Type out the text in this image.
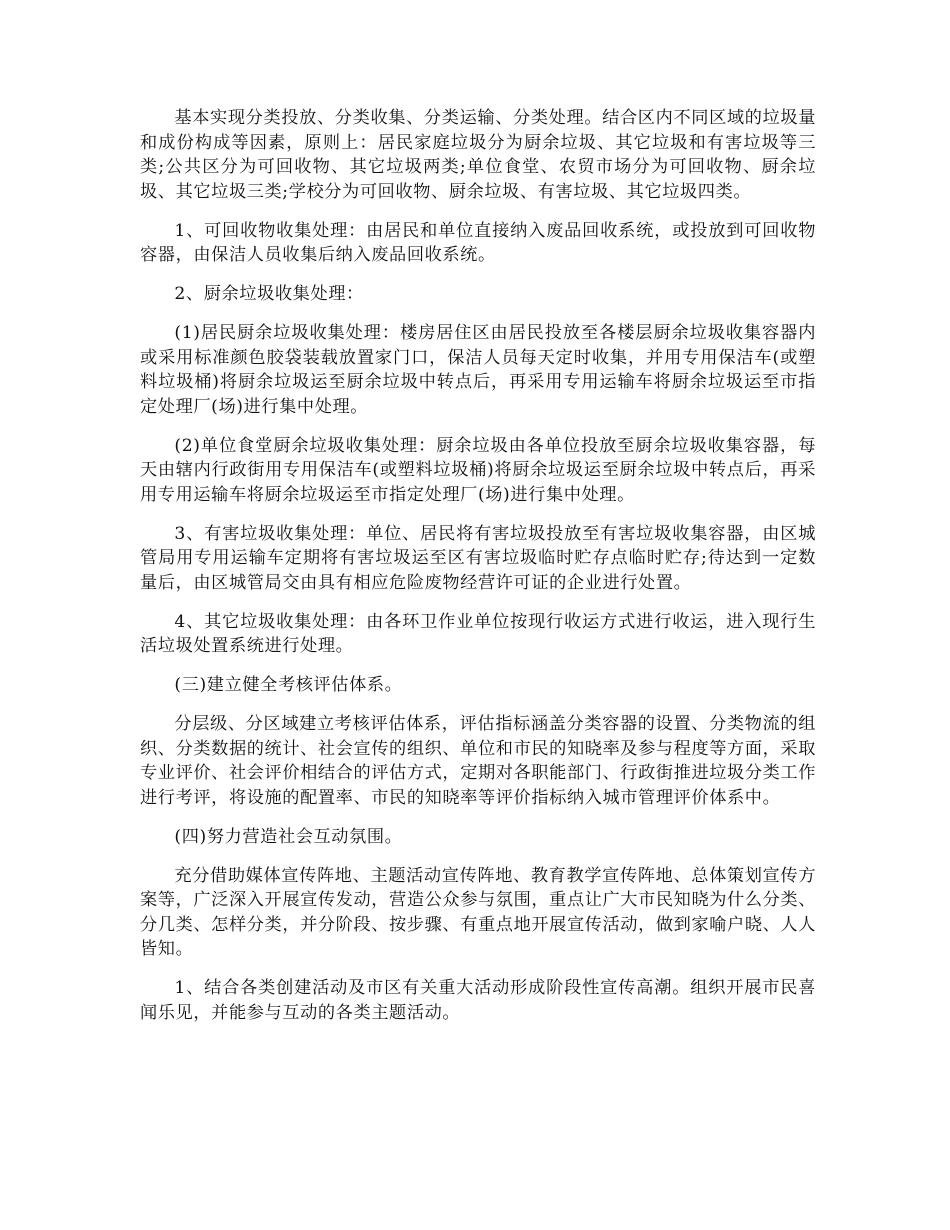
基本实现分类投放、分类收集、分类运输、分类处理。结合区内不同区域的垃圾量和成份构成等因素，原则上：居民家庭垃圾分为厨余垃圾、其它垃圾和有害垃圾等三类;公共区分为可回收物、其它垃圾两类;单位食堂、农贸市场分为可回收物、厨余垃圾、其它垃圾三类;学校分为可回收物、厨余垃圾、有害垃圾、其它垃圾四类。

1、可回收物收集处理：由居民和单位直接纳入废品回收系统，或投放到可回收物容器，由保洁人员收集后纳入废品回收系统。

2、厨余垃圾收集处理：

(1)居民厨余垃圾收集处理：楼房居住区由居民投放至各楼层厨余垃圾收集容器内或采用标准颜色胶袋装载放置家门口，保洁人员每天定时收集，并用专用保洁车(或塑料垃圾桶)将厨余垃圾运至厨余垃圾中转点后，再采用专用运输车将厨余垃圾运至市指定处理厂(场)进行集中处理。

(2)单位食堂厨余垃圾收集处理：厨余垃圾由各单位投放至厨余垃圾收集容器，每天由辖内行政街用专用保洁车(或塑料垃圾桶)将厨余垃圾运至厨余垃圾中转点后，再采用专用运输车将厨余垃圾运至市指定处理厂(场)进行集中处理。

3、有害垃圾收集处理：单位、居民将有害垃圾投放至有害垃圾收集容器，由区城管局用专用运输车定期将有害垃圾运至区有害垃圾临时贮存点临时贮存;待达到一定数量后，由区城管局交由具有相应危险废物经营许可证的企业进行处置。

4、其它垃圾收集处理：由各环卫作业单位按现行收运方式进行收运，进入现行生活垃圾处置系统进行处理。

(三)建立健全考核评估体系。

分层级、分区域建立考核评估体系，评估指标涵盖分类容器的设置、分类物流的组织、分类数据的统计、社会宣传的组织、单位和市民的知晓率及参与程度等方面，采取专业评价、社会评价相结合的评估方式，定期对各职能部门、行政街推进垃圾分类工作进行考评，将设施的配置率、市民的知晓率等评价指标纳入城市管理评价体系中。

(四)努力营造社会互动氛围。

充分借助媒体宣传阵地、主题活动宣传阵地、教育教学宣传阵地、总体策划宣传方案等，广泛深入开展宣传发动，营造公众参与氛围，重点让广大市民知晓为什么分类、分几类、怎样分类，并分阶段、按步骤、有重点地开展宣传活动，做到家喻户晓、人人皆知。

1、结合各类创建活动及市区有关重大活动形成阶段性宣传高潮。组织开展市民喜闻乐见，并能参与互动的各类主题活动。
